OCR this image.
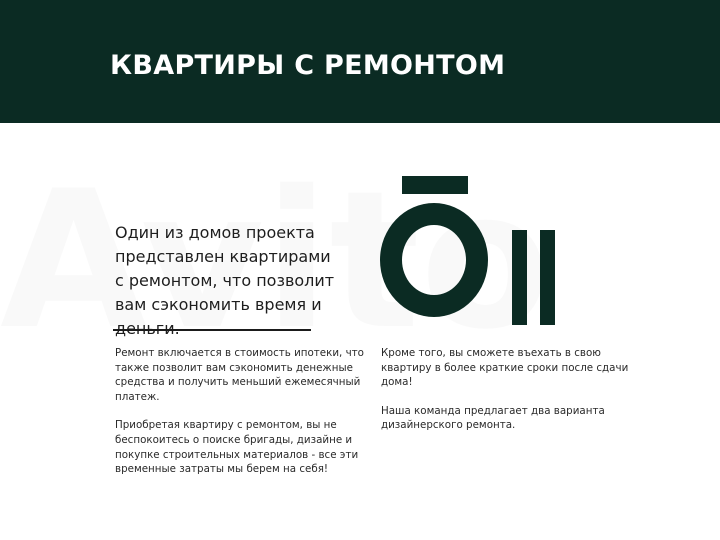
КВАРТИРЫ С РЕМОНТОМ
Один из домов проекта
представлен квартирами
с ремонтом, что позволит
вам сэкономить время и

Ремонт включается в стоимость ипотеки, что также позволит вам сэкономить денежные средства и получить меньший ежемесячный платеж.

Приобретая квартиру с ремонтом, вы не беспокоитесь о поиске бригады, дизайне и покупке строительных материалов - все эти временные затраты мы берем на себя!

Кроме того, вы сможете въехать в свою квартиру в более краткие сроки после сдачи дома!

Наша команда предлагает два варианта дизайнерского ремонта.
